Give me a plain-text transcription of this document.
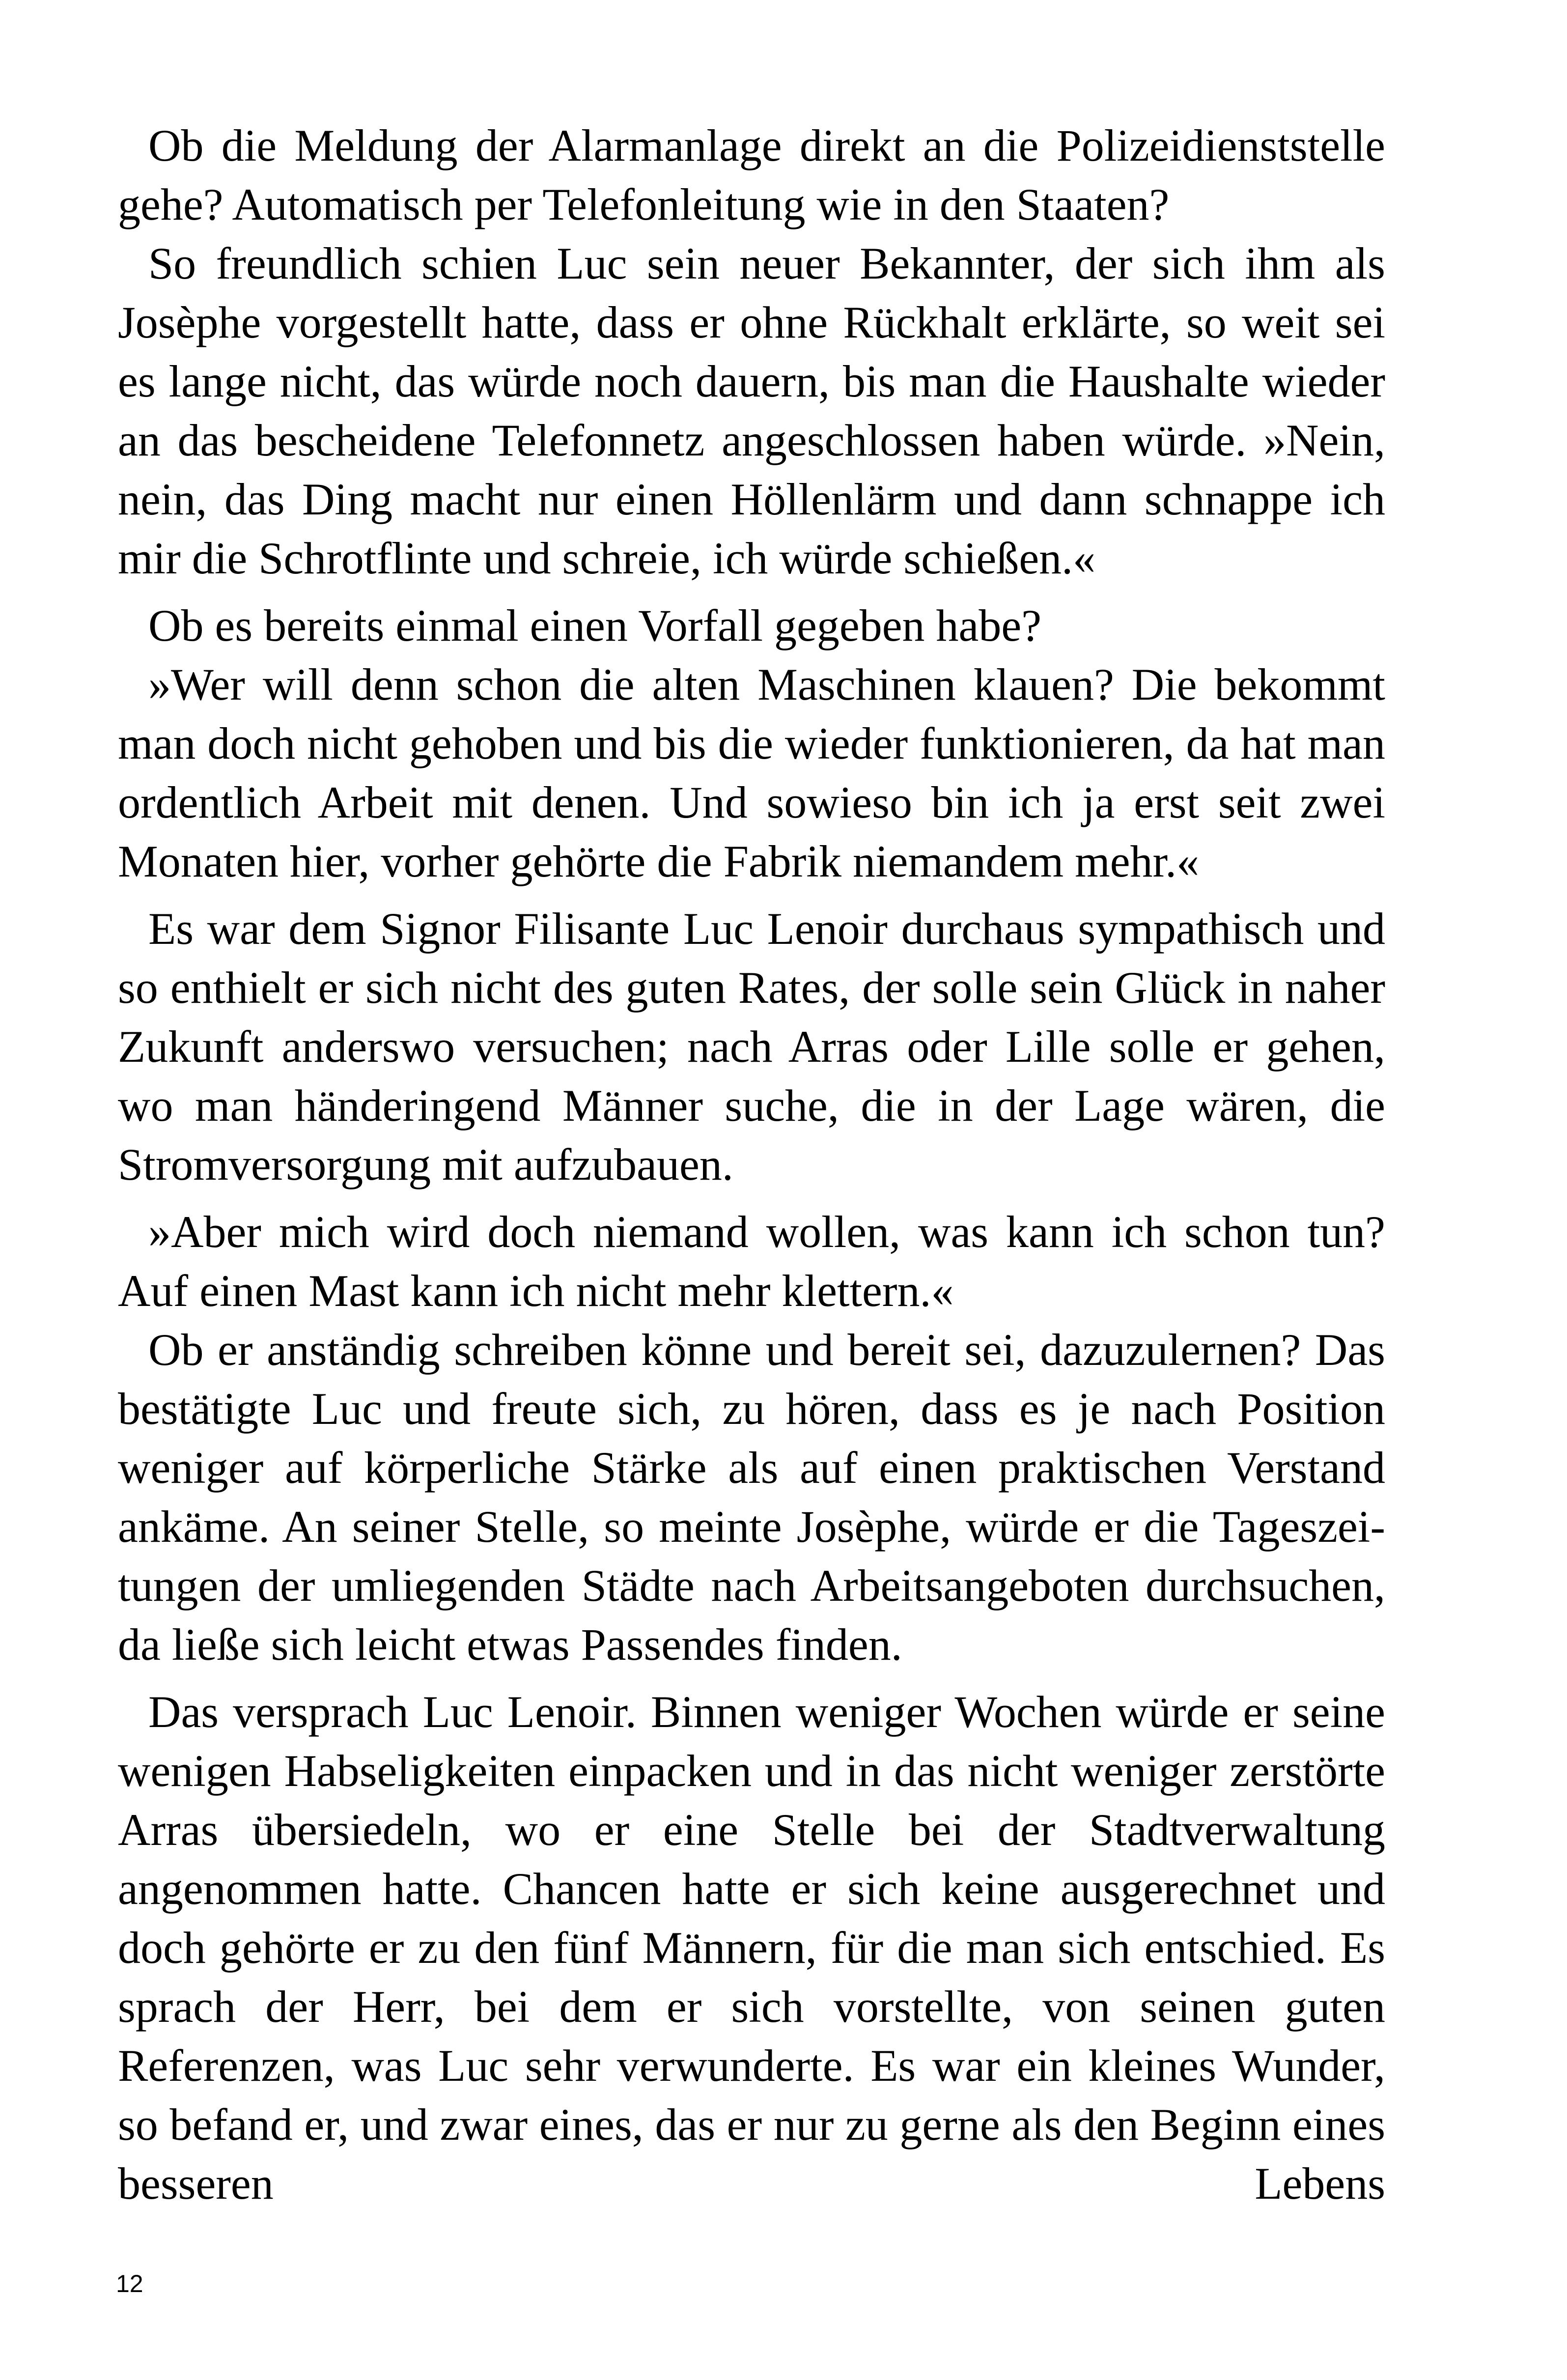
Ob die Meldung der Alarmanlage direkt an die Polizeidienststelle gehe? Automatisch per Telefonleitung wie in den Staaten?

So freundlich schien Luc sein neuer Bekannter, der sich ihm als Josèphe vorgestellt hatte, dass er ohne Rückhalt erklärte, so weit sei es lange nicht, das würde noch dauern, bis man die Haushalte wieder an das bescheidene Telefonnetz angeschlossen haben würde. »Nein, nein, das Ding macht nur einen Höllenlärm und dann schnappe ich mir die Schrotflinte und schreie, ich würde schießen.«

Ob es bereits einmal einen Vorfall gegeben habe?

»Wer will denn schon die alten Maschinen klauen? Die bekommt man doch nicht gehoben und bis die wieder funktionieren, da hat man ordentlich Arbeit mit denen. Und sowieso bin ich ja erst seit zwei Monaten hier, vorher gehörte die Fabrik niemandem mehr.«

Es war dem Signor Filisante Luc Lenoir durchaus sympathisch und so enthielt er sich nicht des guten Rates, der solle sein Glück in naher Zukunft anderswo versuchen; nach Arras oder Lille solle er gehen, wo man händeringend Männer suche, die in der Lage wären, die Stromversorgung mit aufzubauen.

»Aber mich wird doch niemand wollen, was kann ich schon tun? Auf einen Mast kann ich nicht mehr klettern.«

Ob er anständig schreiben könne und bereit sei, dazuzulernen? Das bestätigte Luc und freute sich, zu hören, dass es je nach Position weniger auf körperliche Stärke als auf einen praktischen Verstand ankäme. An seiner Stelle, so meinte Josèphe, würde er die Tageszeitungen der umliegenden Städte nach Arbeitsangeboten durchsuchen, da ließe sich leicht etwas Passendes finden.

Das versprach Luc Lenoir. Binnen weniger Wochen würde er seine wenigen Habseligkeiten einpacken und in das nicht weniger zerstörte Arras übersiedeln, wo er eine Stelle bei der Stadtverwaltung angenommen hatte. Chancen hatte er sich keine ausgerechnet und doch gehörte er zu den fünf Männern, für die man sich entschied. Es sprach der Herr, bei dem er sich vorstellte, von seinen guten Referenzen, was Luc sehr verwunderte. Es war ein kleines Wunder, so befand er, und zwar eines, das er nur zu gerne als den Beginn eines besseren Lebens

12
